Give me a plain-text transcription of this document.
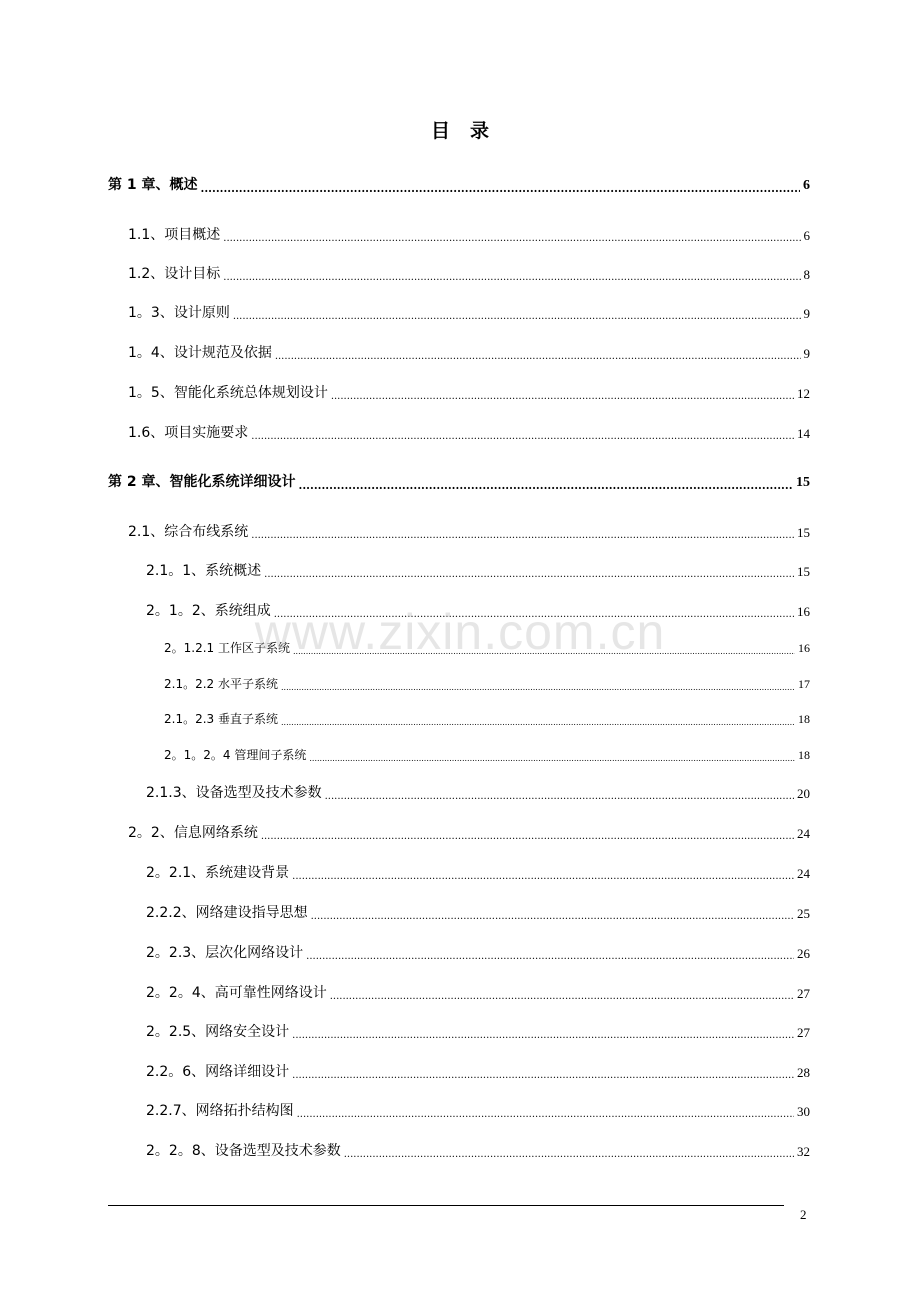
目录
第 1 章、概述 .....	6
1.1、项目概述 .....	6
1.2、设计目标 .....	8
1。3、设计原则 .....	9
1。4、设计规范及依据 .....	9
1。5、智能化系统总体规划设计 .....	12
1.6、项目实施要求 .....	14
第 2 章、智能化系统详细设计 .....	15
2.1、综合布线系统 .....	15
2.1。1、系统概述 .....	15
2。1。2、系统组成 .....	16
2。1.2.1 工作区子系统 .....	16
2.1。2.2 水平子系统 .....	17
2.1。2.3 垂直子系统 .....	18
2。1。2。4 管理间子系统 .....	18
2.1.3、设备选型及技术参数 .....	20
2。2、信息网络系统 .....	24
2。2.1、系统建设背景 .....	24
2.2.2、网络建设指导思想 .....	25
2。2.3、层次化网络设计 .....	26
2。2。4、高可靠性网络设计 .....	27
2。2.5、网络安全设计 .....	27
2.2。6、网络详细设计 .....	28
2.2.7、网络拓扑结构图 .....	30
2。2。8、设备选型及技术参数 .....	32
www.zixin.com.cn
2
